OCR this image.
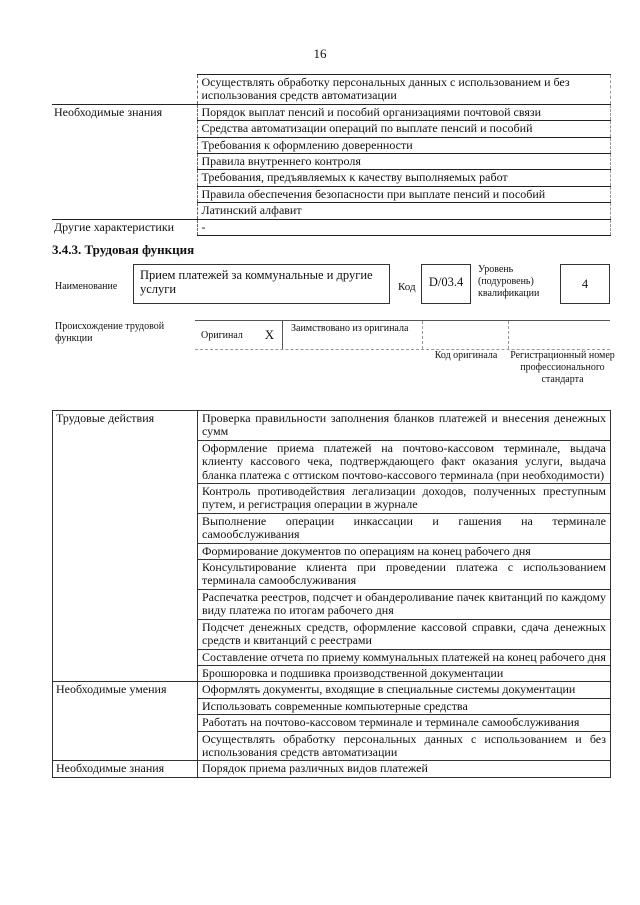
16
	Осуществлять обработку персональных данных с использованием и без использования средств автоматизации
Необходимые знания	Порядок выплат пенсий и пособий организациями почтовой связи
	Средства автоматизации операций по выплате пенсий и пособий
	Требования к оформлению доверенности
	Правила внутреннего контроля
	Требования, предъявляемых к качеству выполняемых работ
	Правила обеспечения безопасности при выплате пенсий и пособий
	Латинский алфавит
Другие характеристики	-
3.4.3. Трудовая функция
Наименование
Прием платежей за коммунальные и другие услуги	Код	D/03.4
Уровень (подуровень) квалификации
4
Происхождение трудовой функции	Оригинал	X	Заимствовано из оригинала
Код оригинала	Регистрационный номер профессионального стандарта
Трудовые действия	Проверка правильности заполнения бланков платежей и внесения денежных сумм
	Оформление приема платежей на почтово-кассовом терминале, выдача клиенту кассового чека, подтверждающего факт оказания услуги, выдача бланка платежа с оттиском почтово-кассового терминала (при необходимости)
	Контроль противодействия легализации доходов, полученных преступным путем, и регистрация операции в журнале
	Выполнение операции инкассации и гашения на терминале самообслуживания
	Формирование документов по операциям на конец рабочего дня
	Консультирование клиента при проведении платежа с использованием терминала самообслуживания
	Распечатка реестров, подсчет и обандероливание пачек квитанций по каждому виду платежа по итогам рабочего дня
	Подсчет денежных средств, оформление кассовой справки, сдача денежных средств и квитанций с реестрами
	Составление отчета по приему коммунальных платежей на конец рабочего дня
	Брошюровка и подшивка производственной документации
Необходимые умения	Оформлять документы, входящие в специальные системы документации
	Использовать современные компьютерные средства
	Работать на почтово-кассовом терминале и терминале самообслуживания
	Осуществлять обработку персональных данных с использованием и без использования средств автоматизации
Необходимые знания	Порядок приема различных видов платежей
